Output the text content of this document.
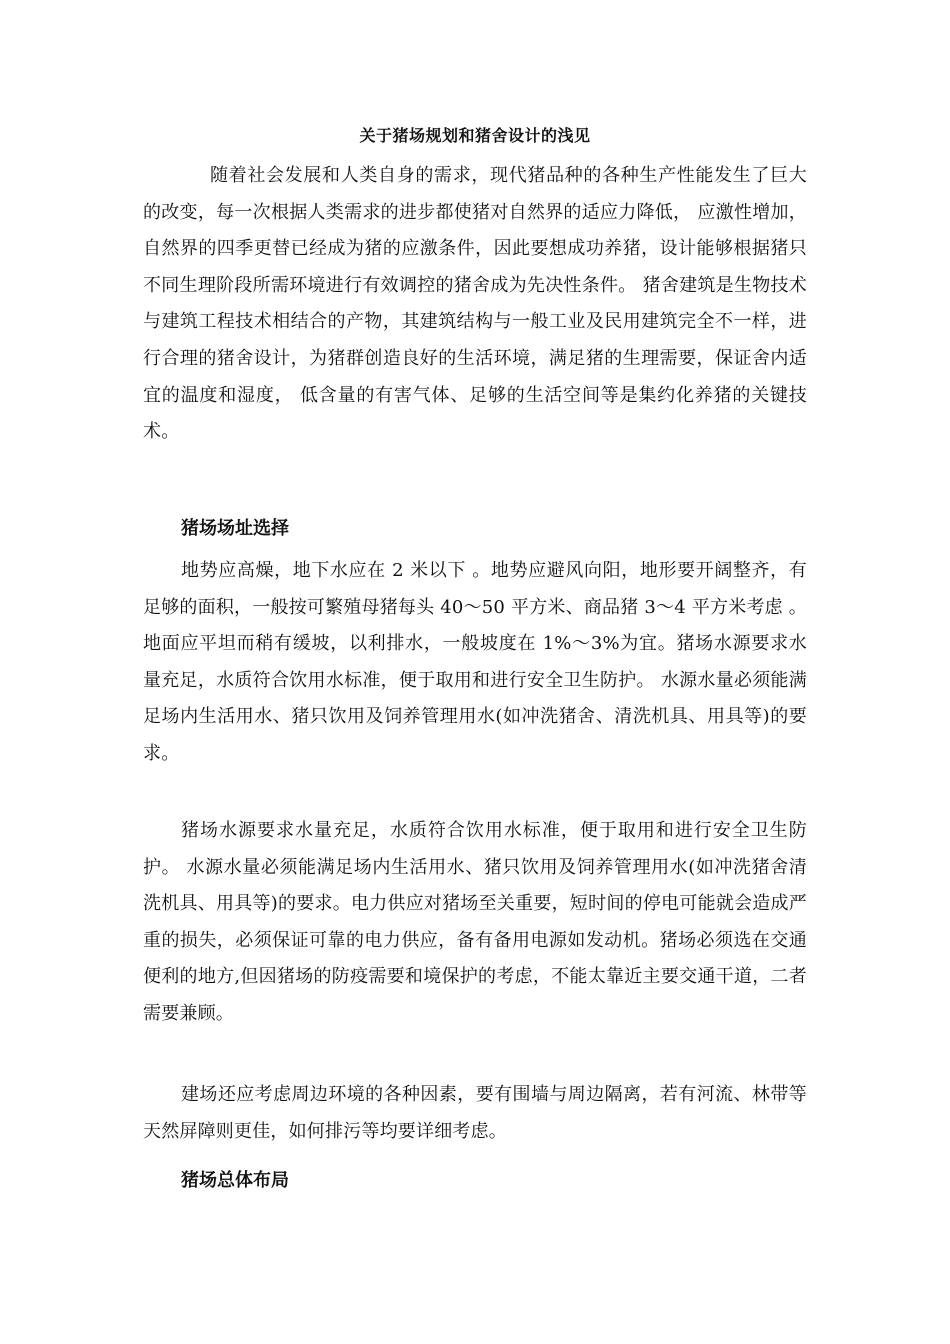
关于猪场规划和猪舍设计的浅见

随着社会发展和人类自身的需求，现代猪品种的各种生产性能发生了巨大的改变，每一次根据人类需求的进步都使猪对自然界的适应力降低， 应激性增加，自然界的四季更替已经成为猪的应激条件，因此要想成功养猪，设计能够根据猪只不同生理阶段所需环境进行有效调控的猪舍成为先决性条件。 猪舍建筑是生物技术与建筑工程技术相结合的产物，其建筑结构与一般工业及民用建筑完全不一样，进行合理的猪舍设计，为猪群创造良好的生活环境，满足猪的生理需要，保证舍内适宜的温度和湿度， 低含量的有害气体、足够的生活空间等是集约化养猪的关键技术。

猪场场址选择

地势应高燥，地下水应在 2 米以下 。地势应避风向阳，地形要开阔整齐，有足够的面积，一般按可繁殖母猪每头 40～50 平方米、商品猪 3～4 平方米考虑 。地面应平坦而稍有缓坡，以利排水，一般坡度在 1%～3%为宜。猪场水源要求水量充足，水质符合饮用水标准，便于取用和进行安全卫生防护。 水源水量必须能满足场内生活用水、猪只饮用及饲养管理用水(如冲洗猪舍、清洗机具、用具等)的要求。

猪场水源要求水量充足，水质符合饮用水标准，便于取用和进行安全卫生防护。 水源水量必须能满足场内生活用水、猪只饮用及饲养管理用水(如冲洗猪舍清洗机具、用具等)的要求。电力供应对猪场至关重要，短时间的停电可能就会造成严重的损失，必须保证可靠的电力供应，备有备用电源如发动机。猪场必须选在交通便利的地方,但因猪场的防疫需要和境保护的考虑，不能太靠近主要交通干道，二者需要兼顾。

建场还应考虑周边环境的各种因素，要有围墙与周边隔离，若有河流、林带等天然屏障则更佳，如何排污等均要详细考虑。

猪场总体布局
